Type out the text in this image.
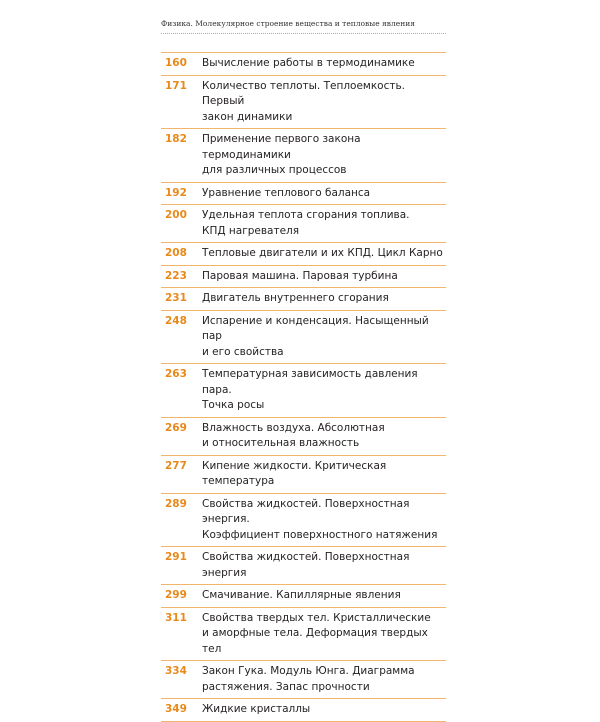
Физика. Молекулярное строение вещества и тепловые явления
160	Вычисление работы в термодинамике
171	Количество теплоты. Теплоемкость. Первый
закон динамики
182	Применение первого закона термодинамики
для различных процессов
192	Уравнение теплового баланса
200	Удельная теплота сгорания топлива.
КПД нагревателя
208	Тепловые двигатели и их КПД. Цикл Карно
223	Паровая машина. Паровая турбина
231	Двигатель внутреннего сгорания
248	Испарение и конденсация. Насыщенный пар
и его свойства
263	Температурная зависимость давления пара.
Точка росы
269	Влажность воздуха. Абсолютная
и относительная влажность
277	Кипение жидкости. Критическая температура
289	Свойства жидкостей. Поверхностная энергия.
Коэффициент поверхностного натяжения
291	Свойства жидкостей. Поверхностная энергия
299	Смачивание. Капиллярные явления
311	Свойства твердых тел. Кристаллические
и аморфные тела. Деформация твердых тел
334	Закон Гука. Модуль Юнга. Диаграмма
растяжения. Запас прочности
349	Жидкие кристаллы
